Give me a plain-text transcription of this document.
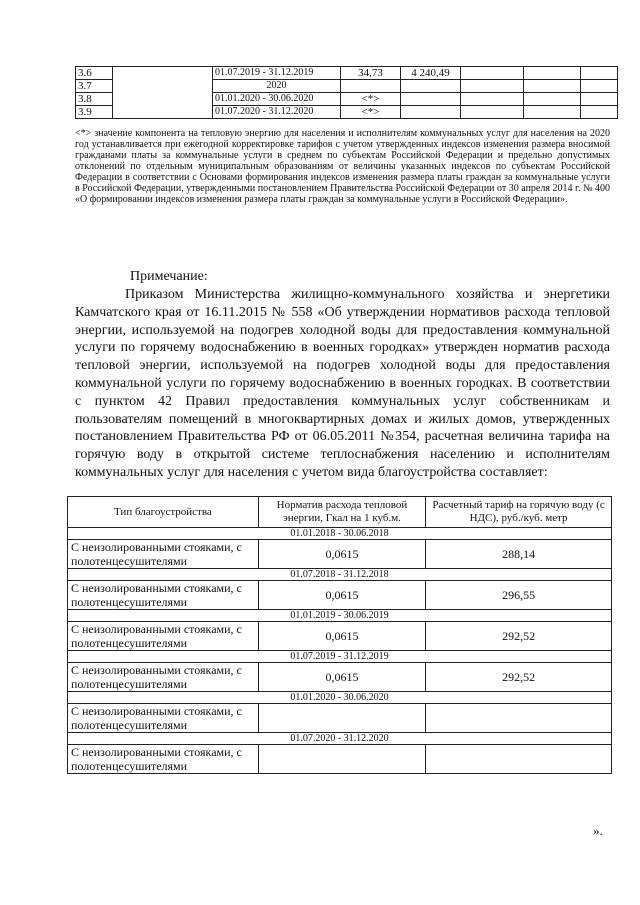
3.6		01.07.2019 - 31.12.2019	34,73	4 240,49			
3.7		2020					
3.8		01.01.2020 - 30.06.2020	<*>				
3.9		01.07.2020 - 31.12.2020	<*>				
<*> значение компонента на тепловую энергию для населения и исполнителям коммунальных услуг для населения на 2020 год устанавливается при ежегодной корректировке тарифов с учетом утвержденных индексов изменения размера вносимой гражданами платы за коммунальные услуги в среднем по субъектам Российской Федерации и предельно допустимых отклонений по отдельным муниципальным образованиям от величины указанных индексов по субъектам Российской Федерации в соответствии с Основами формирования индексов изменения размера платы граждан за коммунальные услуги в Российской Федерации, утвержденными постановлением Правительства Российской Федерации от 30 апреля 2014 г. № 400 «О формировании индексов изменения размера платы граждан за коммунальные услуги в Российской Федерации».
Примечание:
Приказом Министерства жилищно-коммунального хозяйства и энергетики Камчатского края от 16.11.2015 № 558 «Об утверждении нормативов расхода тепловой энергии, используемой на подогрев холодной воды для предоставления коммунальной услуги по горячему водоснабжению в военных городках» утвержден норматив расхода тепловой энергии, используемой на подогрев холодной воды для предоставления коммунальной услуги по горячему водоснабжению в военных городках. В соответствии с пунктом 42 Правил предоставления коммунальных услуг собственникам и пользователям помещений в многоквартирных домах и жилых домов, утвержденных постановлением Правительства РФ от 06.05.2011 №354, расчетная величина тарифа на горячую воду в открытой системе теплоснабжения населению и исполнителям коммунальных услуг для населения с учетом вида благоустройства составляет:
Тип благоустройства	Норматив расхода тепловой энергии, Гкал на 1 куб.м.	Расчетный тариф на горячую воду (с НДС), руб./куб. метр
01.01.2018 - 30.06.2018		
С неизолированными стояками, с полотенцесушителями	0,0615	288,14
01.07.2018 - 31.12.2018		
С неизолированными стояками, с полотенцесушителями	0,0615	296,55
01.01.2019 - 30.06.2019		
С неизолированными стояками, с полотенцесушителями	0,0615	292,52
01.07.2019 - 31.12.2019		
С неизолированными стояками, с полотенцесушителями	0,0615	292,52
01.01.2020 - 30.06.2020		
С неизолированными стояками, с полотенцесушителями		
01.07.2020 - 31.12.2020		
С неизолированными стояками, с полотенцесушителями		
».
